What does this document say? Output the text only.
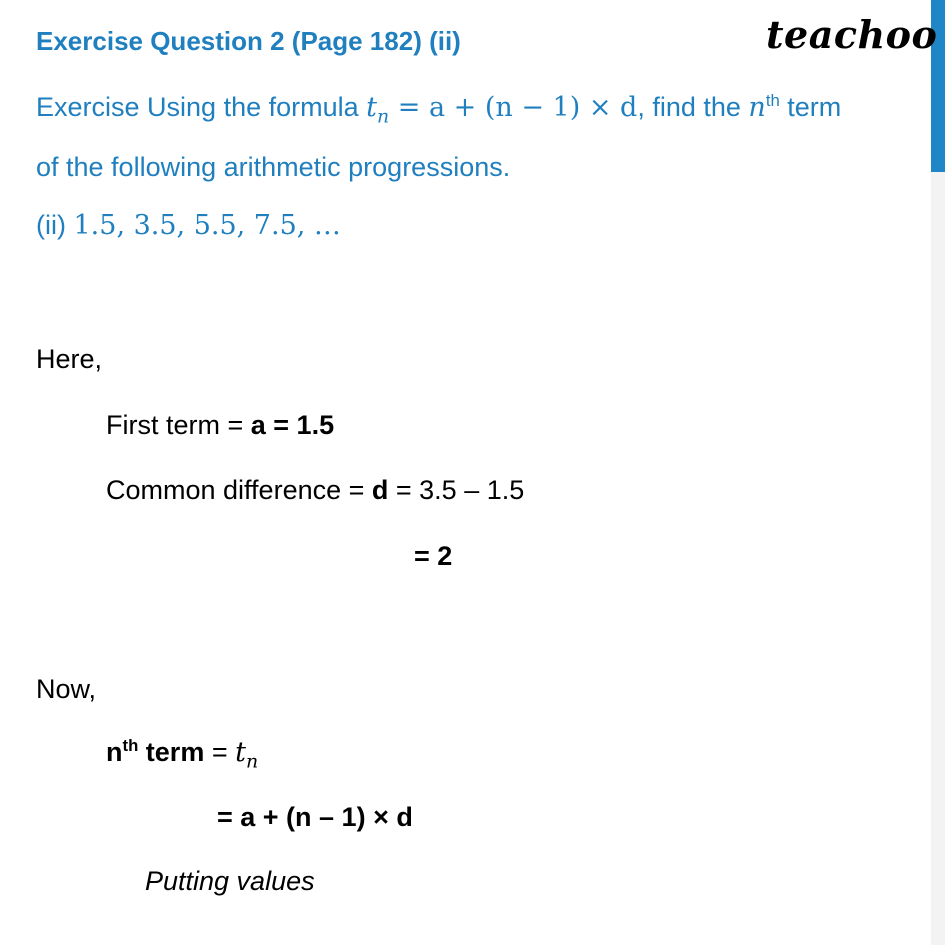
Exercise Question 2 (Page 182) (ii)	teachoo
Exercise Using the formula $t_n = a + (n - 1) \times d$, find the $n^{th}$ term
of the following arithmetic progressions.
(ii) 1.5, 3.5, 5.5, 7.5, …
Here,
First term = a = 1.5
Common difference = d = 3.5 – 1.5
= 2
Now,
$n^{th}$ term = $t_n$
= a + (n – 1) × d
Putting values
